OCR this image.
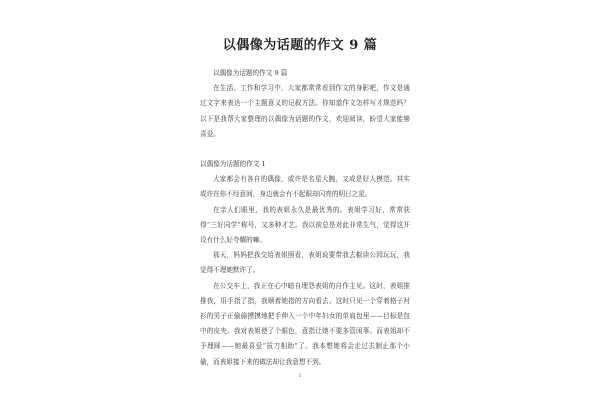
以偶像为话题的作文 9 篇

以偶像为话题的作文 9 篇

在生活、工作和学习中，大家都常常看到作文的身影吧，作文是通过文字来表达一个主题意义的记叙方法。你知道作文怎样写才规范吗？以下是我帮大家整理的以偶像为话题的作文，欢迎阅读，盼望大家能够喜爱。

以偶像为话题的作文 1

大家都会有各自的偶像，或许是名星大腕，又或是好人模范。其实或许在你不经意间，身边就会有不起眼却闪亮的明日之星。

在亲人们眼里，我的表姐永久是最优秀的。表姐学习好，常常获得“三好同学”称号，又多种才艺。我以前总是对此非常生气，觉得这开设有什么好夸耀的嘛。

那天，妈妈把我交给表姐照看，表姐说要带我去椒读公园玩玩，我觉得不理她默许了。

在公交车上，我正在心中暗自埋怨表姐的自作主见。这时，表姐推推我，用手指了指，我顺着她指的方向看去。这时只见一个穿着格子衬衫的男子正偷偷摸摸地把手伸入一个中年妇女的单肩包里——目标是包中的皮夹。我对表姐使了个眼色，意指让她不要多管闲事。而表姐却不予理睬——她最喜爱“拔刀相助”了。我本想她将会走过去制止那个小偷，而表姐接下来的做法却让我意想不到。

1
